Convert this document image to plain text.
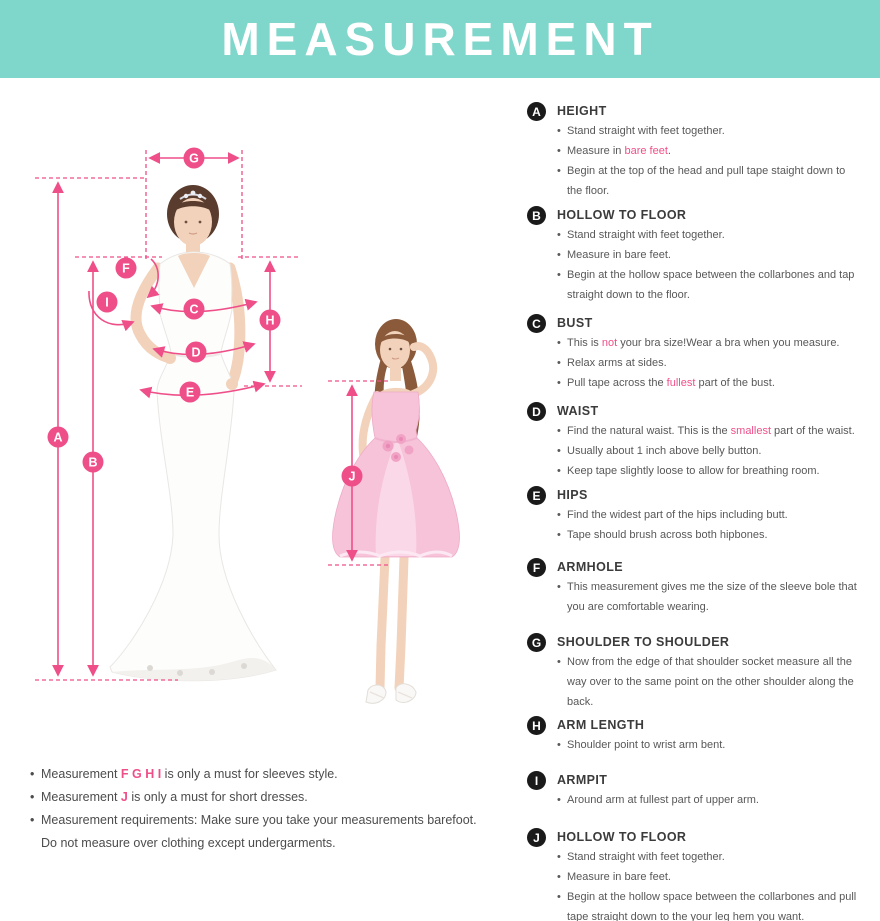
MEASUREMENT
G
A
B
C
D
E
F
H
I
J
A	HEIGHT
• Stand straight with feet together.
• Measure in bare feet.
• Begin at the top of the head and pull tape staight down to the floor.
B	HOLLOW TO FLOOR
• Stand straight with feet together.
• Measure in bare feet.
• Begin at the hollow space between the collarbones and tap straight down to the floor.
C	BUST
• This is not your bra size!Wear a bra when you measure.
• Relax arms at sides.
• Pull tape across the fullest part of the bust.
D	WAIST
• Find the natural waist. This is the smallest part of the waist.
• Usually about 1 inch above belly button.
• Keep tape slightly loose to allow for breathing room.
E	HIPS
• Find the widest part of the hips including butt.
• Tape should brush across both hipbones.
F	ARMHOLE
• This measurement gives me the size of the sleeve bole that you are comfortable wearing.
G	SHOULDER TO SHOULDER
• Now from the edge of that shoulder socket measure all the way over to the same point on the other shoulder along the back.
H	ARM LENGTH
• Shoulder point to wrist arm bent.
I	ARMPIT
• Around arm at fullest part of upper arm.
J	HOLLOW TO FLOOR
• Stand straight with feet together.
• Measure in bare feet.
• Begin at the hollow space between the collarbones and pull tape straight down to the your leg hem you want.
• Measurement F G H I is only a must for sleeves style.
• Measurement J is only a must for short dresses.
• Measurement requirements: Make sure you take your measurements barefoot.
Do not measure over clothing except undergarments.
